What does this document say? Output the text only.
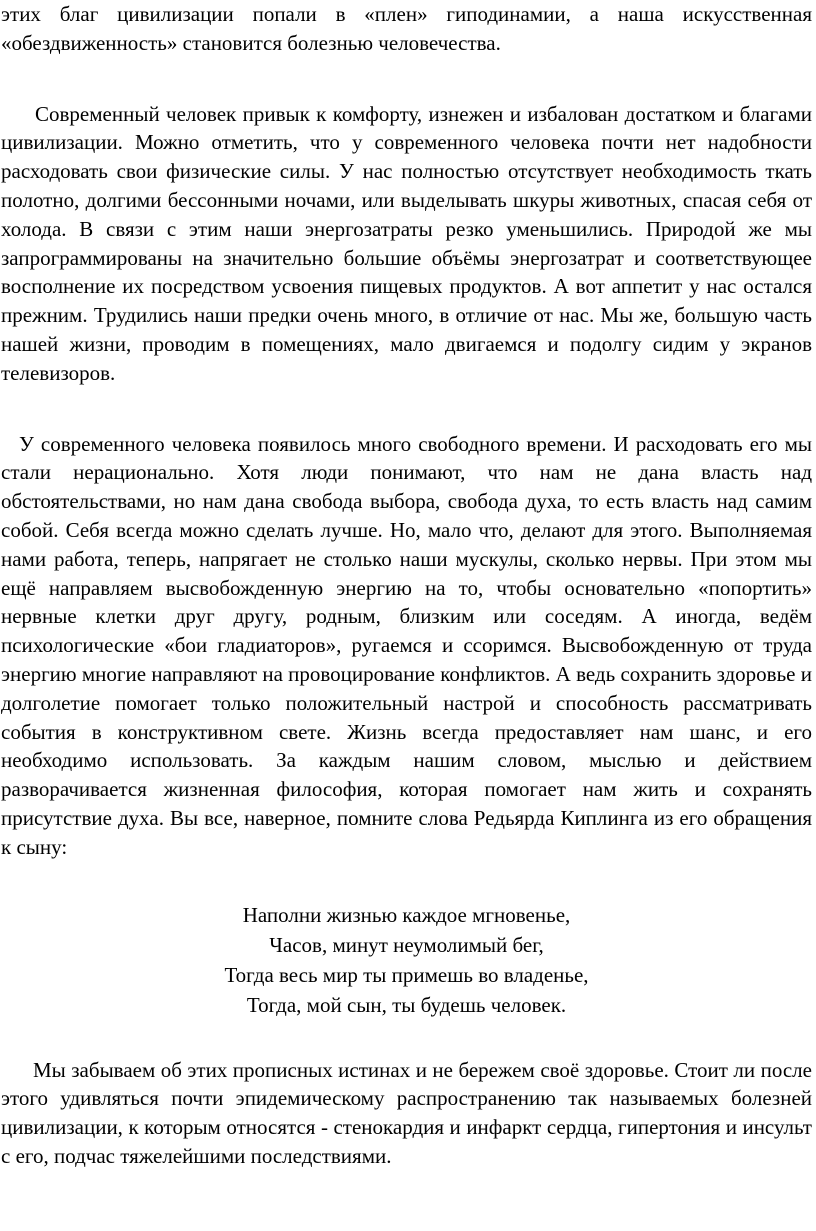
этих благ цивилизации попали в «плен» гиподинамии, а наша искусственная «обездвиженность» становится болезнью человечества.

Современный человек привык к комфорту, изнежен и избалован достатком и благами цивилизации. Можно отметить, что у современного человека почти нет надобности расходовать свои физические силы. У нас полностью отсутствует необходимость ткать полотно, долгими бессонными ночами, или выделывать шкуры животных, спасая себя от холода. В связи с этим наши энергозатраты резко уменьшились. Природой же мы запрограммированы на значительно большие объёмы энергозатрат и соответствующее восполнение их посредством усвоения пищевых продуктов. А вот аппетит у нас остался прежним. Трудились наши предки очень много, в отличие от нас. Мы же, большую часть нашей жизни, проводим в помещениях, мало двигаемся и подолгу сидим у экранов телевизоров.

У современного человека появилось много свободного времени. И расходовать его мы стали нерационально. Хотя люди понимают, что нам не дана власть над обстоятельствами, но нам дана свобода выбора, свобода духа, то есть власть над самим собой. Себя всегда можно сделать лучше. Но, мало что, делают для этого. Выполняемая нами работа, теперь, напрягает не столько наши мускулы, сколько нервы. При этом мы ещё направляем высвобожденную энергию на то, чтобы основательно «попортить» нервные клетки друг другу, родным, близким или соседям. А иногда, ведём психологические «бои гладиаторов», ругаемся и ссоримся. Высвобожденную от труда энергию многие направляют на провоцирование конфликтов. А ведь сохранить здоровье и долголетие помогает только положительный настрой и способность рассматривать события в конструктивном свете. Жизнь всегда предоставляет нам шанс, и его необходимо использовать. За каждым нашим словом, мыслью и действием разворачивается жизненная философия, которая помогает нам жить и сохранять присутствие духа. Вы все, наверное, помните слова Редьярда Киплинга из его обращения к сыну:

Наполни жизнью каждое мгновенье,
Часов, минут неумолимый бег,
Тогда весь мир ты примешь во владенье,
Тогда, мой сын, ты будешь человек.

Мы забываем об этих прописных истинах и не бережем своё здоровье. Стоит ли после этого удивляться почти эпидемическому распространению так называемых болезней цивилизации, к которым относятся - стенокардия и инфаркт сердца, гипертония и инсульт с его, подчас тяжелейшими последствиями.
